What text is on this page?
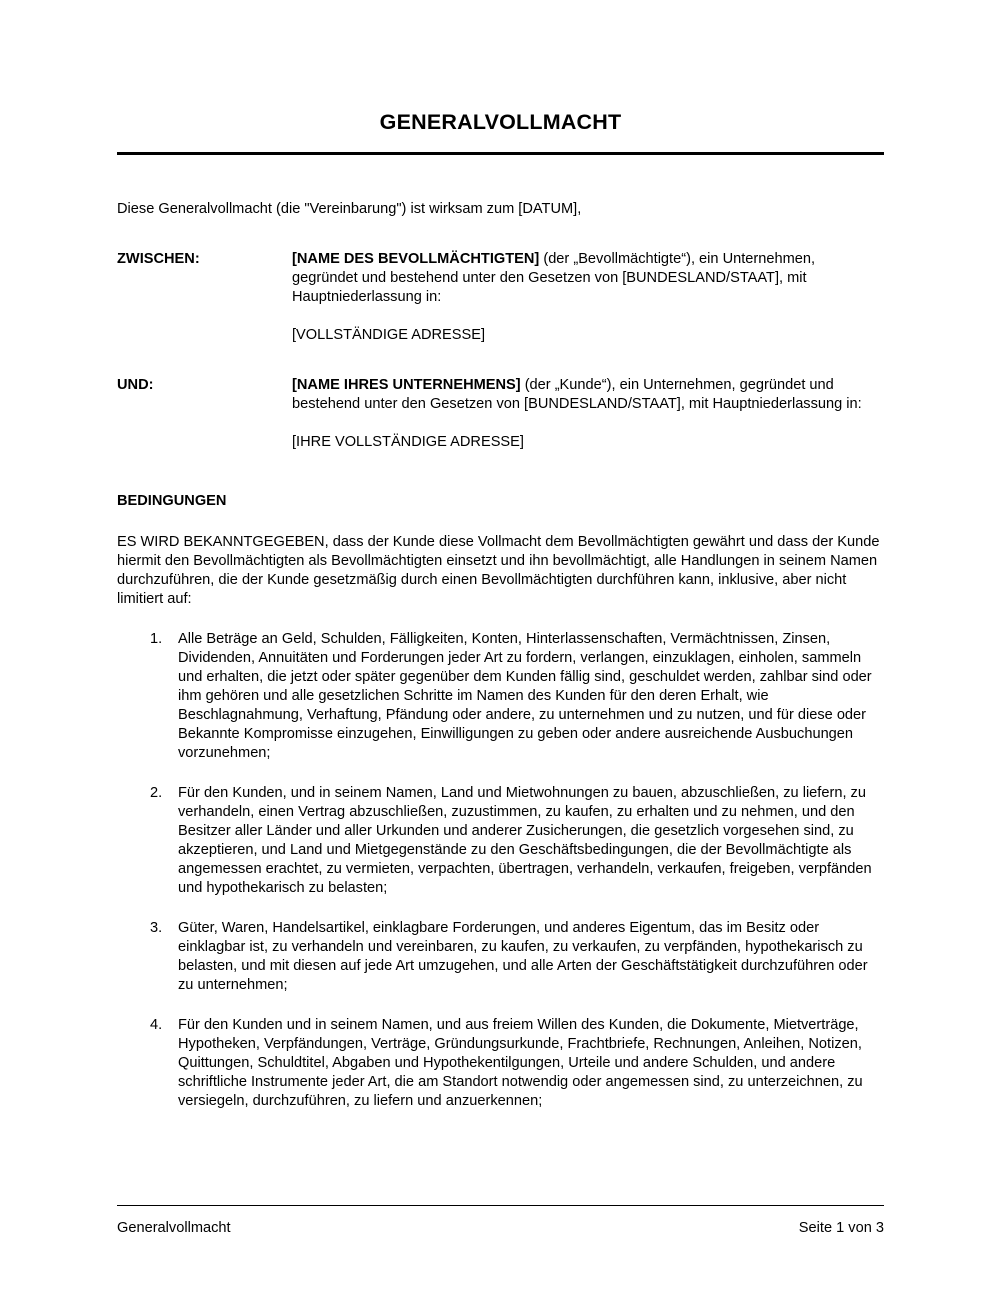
GENERALVOLLMACHT

Diese Generalvollmacht (die "Vereinbarung") ist wirksam zum [DATUM],

ZWISCHEN:	[NAME DES BEVOLLMÄCHTIGTEN] (der „Bevollmächtigte“), ein Unternehmen, gegründet und bestehend unter den Gesetzen von [BUNDESLAND/STAAT], mit Hauptniederlassung in:

[VOLLSTÄNDIGE ADRESSE]

UND:	[NAME IHRES UNTERNEHMENS] (der „Kunde“), ein Unternehmen, gegründet und bestehend unter den Gesetzen von [BUNDESLAND/STAAT], mit Hauptniederlassung in:

[IHRE VOLLSTÄNDIGE ADRESSE]

BEDINGUNGEN

ES WIRD BEKANNTGEGEBEN, dass der Kunde diese Vollmacht dem Bevollmächtigten gewährt und dass der Kunde hiermit den Bevollmächtigten als Bevollmächtigten einsetzt und ihn bevollmächtigt, alle Handlungen in seinem Namen durchzuführen, die der Kunde gesetzmäßig durch einen Bevollmächtigten durchführen kann, inklusive, aber nicht limitiert auf:

1.	Alle Beträge an Geld, Schulden, Fälligkeiten, Konten, Hinterlassenschaften, Vermächtnissen, Zinsen, Dividenden, Annuitäten und Forderungen jeder Art zu fordern, verlangen, einzuklagen, einholen, sammeln und erhalten, die jetzt oder später gegenüber dem Kunden fällig sind, geschuldet werden, zahlbar sind oder ihm gehören und alle gesetzlichen Schritte im Namen des Kunden für den deren Erhalt, wie Beschlagnahmung, Verhaftung, Pfändung oder andere, zu unternehmen und zu nutzen, und für diese oder Bekannte Kompromisse einzugehen, Einwilligungen zu geben oder andere ausreichende Ausbuchungen vorzunehmen;
2.	Für den Kunden, und in seinem Namen, Land und Mietwohnungen zu bauen, abzuschließen, zu liefern, zu verhandeln, einen Vertrag abzuschließen, zuzustimmen, zu kaufen, zu erhalten und zu nehmen, und den Besitzer aller Länder und aller Urkunden und anderer Zusicherungen, die gesetzlich vorgesehen sind, zu akzeptieren, und Land und Mietgegenstände zu den Geschäftsbedingungen, die der Bevollmächtigte als angemessen erachtet, zu vermieten, verpachten, übertragen, verhandeln, verkaufen, freigeben, verpfänden und hypothekarisch zu belasten;
3.	Güter, Waren, Handelsartikel, einklagbare Forderungen, und anderes Eigentum, das im Besitz oder einklagbar ist, zu verhandeln und vereinbaren, zu kaufen, zu verkaufen, zu verpfänden, hypothekarisch zu belasten, und mit diesen auf jede Art umzugehen, und alle Arten der Geschäftstätigkeit durchzuführen oder zu unternehmen;
4.	Für den Kunden und in seinem Namen, und aus freiem Willen des Kunden, die Dokumente, Mietverträge, Hypotheken, Verpfändungen, Verträge, Gründungsurkunde, Frachtbriefe, Rechnungen, Anleihen, Notizen, Quittungen, Schuldtitel, Abgaben und Hypothekentilgungen, Urteile und andere Schulden, und andere schriftliche Instrumente jeder Art, die am Standort notwendig oder angemessen sind, zu unterzeichnen, zu versiegeln, durchzuführen, zu liefern und anzuerkennen;
Generalvollmacht	Seite 1 von 3
